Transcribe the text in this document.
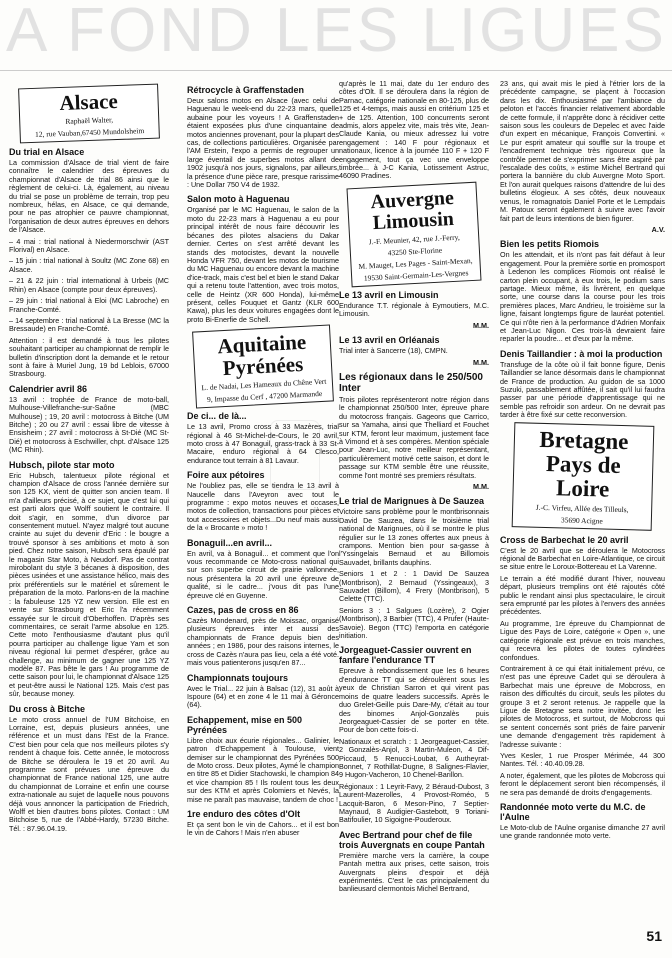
A FOND LES LIGUES
Alsace
Raphaël Walter,
12, rue Vauban,67450 Mundolsheim
Du trial en Alsace

La commission d'Alsace de trial vient de faire connaître le calendrier des épreuves du championnat d'Alsace de trial 86 ainsi que le règlement de celui-ci. Là, également, au niveau du trial se pose un problème de terrain, trop peu nombreux, hélas, en Alsace, ce qui demande, pour ne pas atrophier ce pauvre championnat, l'organisation de deux autres épreuves en dehors de l'Alsace.

– 4 mai : trial national à Niedermorschwir (AST Florival) en Alsace.

– 15 juin : trial national à Soultz (MC Zone 68) en Alsace.

– 21 & 22 juin : trial international à Urbeis (MC Rhin) en Alsace (compte pour deux épreuves).

– 29 juin : trial national à Eloi (MC Labroche) en Franche-Comté.

– 14 septembre : trial national à La Bresse (MC la Bressaude) en Franche-Comté.

Attention : il est demandé à tous les pilotes souhaitant participer au championnat de remplir le bulletin d'inscription dont la demande et le retour sont à faire à Muriel Jung, 19 bd Leblois, 67000 Strasbourg.

Calendrier avril 86

13 avril : trophée de France de moto-ball, Mulhouse-Villefranche-sur-Saône (MBC Mulhouse) ; 19, 20 avril : motocross à Bitche (UM Bitche) ; 20 ou 27 avril : essai libre de vitesse à Ensisheim ; 27 avril : motocross à St-Dié (MC St-Dié) et motocross à Eschwiller, chpt. d'Alsace 125 (MC Rhin).

Hubsch, pilote star moto

Eric Hubsch, talentueux pilote régional et champion d'Alsace de cross l'année dernière sur son 125 KX, vient de quitter son ancien team. Il m'a d'ailleurs précisé, à ce sujet, que c'est lui qui est parti alors que Wolff soutient le contraire. Il doit s'agir, en somme, d'un divorce par consentement mutuel. N'ayez malgré tout aucune crainte au sujet du devenir d'Eric : le bougre a trouvé sponsor à ses ambitions et moto à son pied. Chez notre saison, Hubsch sera épaulé par le magasin Star Moto, à Neudorf. Pas de contrat mirobolant du style 3 bécanes à disposition, des pièces usinées et une assistance hélico, mais des prix préférentiels sur le matériel et sûrement le préparation de la moto. Parlons-en de la machine : la fabuleuse 125 YZ new version. Elle est en vente sur Strasbourg et Eric l'a récemment essayée sur le circuit d'Oberhoffen. D'après ses commentaires, ce serait l'arme absolue en 125. Cette moto l'enthousiasme d'autant plus qu'il pourra participer au challenge ligue Yam et son niveau régional lui permet d'espérer, grâce au challenge, au minimum de gagner une 125 YZ modèle 87. Pas bête le gars ! Au programme de cette saison pour lui, le championnat d'Alsace 125 et peut-être aussi le National 125. Mais c'est pas sûr, because money.

Du cross à Bitche

Le moto cross annuel de l'UM Bitchoise, en Lorraine, est, depuis plusieurs années, une référence et un must dans l'Est de la France. C'est bien pour cela que nos meilleurs pilotes s'y rendent à chaque fois. Cette année, le motocross de Bitche se déroulera le 19 et 20 avril. Au programme sont prévues une épreuve du championnat de France national 125, une autre du championnat de Lorraine et enfin une course extra-nationale au sujet de laquelle nous pouvons déjà vous annoncer la participation de Friedrich, Wolff et bien d'autres bons pilotes. Contact : UM Bitchoise 5, rue de l'Abbé-Hardy, 57230 Bitche. Tél. : 87.96.04.19.

Rétrocycle à Graffenstaden

Deux salons motos en Alsace (avec celui de Haguenau le week-end du 22-23 mars, quelle aubaine pour les voyeurs ! A Graffenstaden étaient exposées plus d'une cinquantaine de motos anciennes provenant, pour la plupart des cas, de collections particulières. Organisée par l'AM Erstein, l'expo a permis de regrouper un large éventail de superbes motos allant de 1902 jusqu'à nos jours, signalons, par ailleurs, la présence d'une pièce rare, presque rarissime : Une Dollar 750 V4 de 1932.

Salon moto à Haguenau

Organisé par le MC Haguenau, le salon de la moto du 22-23 mars à Haguenau a eu pour principal intérêt de nous faire découvrir les bécanes des pilotes alsaciens du Dakar dernier. Certes on s'est arrêté devant les stands des motocistes, devant la nouvelle Honda VFR 750, devant les motos de tourisme du MC Haguenau ou encore devant la machine d'ice-track, mais c'est bel et bien le stand Dakar qui a retenu toute l'attention, avec trois motos, celle de Heintz (XR 600 Honda), lui-même présent, celles Fouquet et Gantz (KLR 600 Kawa), plus les deux voitures engagées dont le proto Bi-Enerfie de Schell.

Aquitaine Pyrénées
L. de Nadai, Les Hameaux du Chêne Vert
9, Impasse du Cerf , 47200 Marmande
De ci... de là...

Le 13 avril, Promo cross à 33 Mazères, trial régional à 46 St-Michel-de-Cours, le 20 avril, moto cross à 47 Bonaguil, grass-track à 33 St-Macaire, enduro régional à 64 Clesco, endurance tout terrain à 81 Lavaur.

Foire aux pétoires

Ne l'oubliez pas, elle se tiendra le 13 avril à Naucelle dans l'Aveyron avec tout le programme : expo motos neuves et occases, motos de collection, transactions pour pièces et tout accessoires et objets...Du neuf mais aussi de la « Brocante » moto !

Bonaguil...en avril...

En avril, va à Bonaguil... et comment que l'on vous recommande ce Moto-cross national qui sur son superbe circuit de prairie vallonnée, nous présentera la 20 avril une épreuve de qualité, si le cadre... j'vous dit pas l'une épreuve clé en Guyenne.

Cazes, pas de cross en 86

Cazès Mondenard, près de Moissac, organisé plusieurs épreuves inter et aussi des championnats de France depuis bien des années ; en 1986, pour des raisons internes, le cross de Cazès n'aura pas lieu, cela a été voté. mais vous patienterons jusqu'en 87...

Championnats toujours

Avec le Trial... 22 juin à Balsac (12), 31 août à Ispoure (64) et en zone 4 le 11 mai à Géronce (64).

Echappement, mise en 500 Pyrénées

Libre choix aux écurie régionales... Galinier, le patron d'Echappement à Toulouse, vient demiser sur le championnat des Pyrénées 500 de Moto cross. Deux pilotes, Aymé le champion en titre 85 et Didier Stachowski, le champion 84 et vice champion 85 ! Ils roulent tous les deux sur des KTM et après Colomiers et Nevés, la mise ne paraît pas mauvaise, tandem de choc !

1re enduro des côtes d'Olt

Et ça sent bon le vin de Cahors... et il est bon le vin de Cahors ! Mais n'en abuser

qu'après le 11 mai, date du 1er enduro des côtes d'Olt. Il se déroulera dans la région de Parnac, catégorie nationale en 80-125, plus de 125 et 4-temps, mais aussi en critérium 125 et + de 125. Attention, 100 concurrents seront admis, alors appelez vite, mais très vite, Jean-Claude Kania, ou mieux adressez lui votre engagement : 140 F pour régionaux et nationaux, licence à la journée 110 F + 120 F engagement, tout ça vec une enveloppe timbrée... à J-C Kania, Lotissement Astruc, 46090 Pradines.

Auvergne Limousin
J.-F. Meunier, 42, rue J.-Ferry,
43250 Ste-Florine
M. Mauget, Les Pages - Saint-Mexan,
19530 Saint-Germain-Les-Vergnes
Le 13 avril en Limousin

Endurance T.T. régionale à Eymoutiers, M.C. Limousin.

M.M.

Le 13 avril en Orléanais

Trial inter à Sancerre (18), CMPN.

M.M.

Les régionaux dans le 250/500 Inter

Trois pilotes représenteront notre région dans le championnat 250/500 Inter, épreuve phare du motocross français. Gageons que Carrico, sur sa Yamaha, ainsi que Thelliard et Fouchet sur KTM, feront leur maximum, justement face à Vimond et à ses compères. Mention spéciale pour Jean-Luc, notre meilleur représentant, particulièrement motivé cette saison, et dont le passage sur KTM semble être une réussite, comme l'ont montré ses premiers résultats.

M.M.

Le trial de Marignues à De Sauzea

Victoire sans problème pour le montbrisonnais David De Sauzea, dans le troisième trial national de Marignues, où il se montre le plus régulier sur le 13 zones offertes aux pneus à crampons. Mention bien pour sa-gasse à l'Yssingelais Bernaud et au Billomois Sauvadet, brillants dauphins.

Seniors 1 et 2 : 1 David De Sauzea (Montbrison), 2 Bernaud (Yssingeaux), 3 Sauvadet (Billom), 4 Frery (Montbrison), 5 Celette (TTC).

Seniors 3 : 1 Salgues (Lozère), 2 Ogier (Montbrison), 3 Barbier (TTC), 4 Prufer (Haute-Savoie). Begon (TTC) l'emporta en catégorie initiation.

Jorgeaguet-Cassier ouvrent en fanfare l'endurance TT

Epreuve à rebondissement que les 6 heures d'endurance TT qui se déroulèrent sous les yeux de Christian Sarron et qui virent pas moins de quatre leaders successifs. Après le duo Grelet-Geille puis Dare-My, c'était au tour des binomes Anjol-Gonzalès puis Jeorgeaguet-Cassier de se porter en tête. Pour de bon cette fois-ci.

Nationaux et scratch : 1 Jeorgeaguet-Cassier, 2 Gonzalès-Anjol, 3 Martin-Muleon, 4 Dif-Piccaud, 5 Renucci-Loubat, 6 Autheyrat-Bonnet, 7 Rothillat-Dugne, 8 Salignes-Flavier, 9 Hugon-Vacheron, 10 Chenel-Barillon.

Régionaux : 1 Leyrit-Favy, 2 Béraud-Dubost, 3 Laurent-Mazerolles, 4 Provost-Roméo, 5 Lacquit-Baron, 6 Meson-Pino, 7 Septier-Maynaud, 8 Audigier-Gastebott, 9 Toriani-Batifoulier, 10 Sigoigne-Pouderoux.

Avec Bertrand pour chef de file trois Auvergnats en coupe Pantah

Première marche vers la carrière, la coupe Pantah mettra aux prises, cette saison, trois Auvergnats pleins d'espoir et déjà expérimentés. C'est le cas principalement du banlieusard clermontois Michel Bertrand,

23 ans, qui avait mis le pied à l'étrier lors de la précédente campagne, se plaçent à l'occasion dans les dix. Enthousiasmé par l'ambiance du peloton et l'accès financier relativement abordable de cette formule, il n'apprête donc à récidiver cette saison sous les couleurs de Depelec et avec l'aide d'un expert en mécanique, François Convertini. « Le pur esprit amateur qui souffle sur la troupe et l'encadrement technique très rigoureux que la contrôle permet de s'exprimer sans être aspiré par l'escalade des coûts, » estime Michel Bertrand qui portera la bannière du club Auvergne Moto Sport. Et l'on aurait quelques raisons d'attendre de lui des bulletins élogieux. A ses côtés, deux nouveaux venus, le romagnatois Daniel Porte et le Lempdais M. Patoux seront également à suivre avec l'avoir fait part de leurs intentions de bien figurer.

A.V.

Bien les petits Riomois

On les attendait, et ils n'ont pas fait défaut à leur engagement. Pour la première sortie en promosport à Ledenon les complices Riomois ont réalisé le carton plein occupant, à eux trois, le podium sans partage. Mieux même, ils livrèrent, en quelque sorte, une course dans la course pour les trois premières places, Marc Andrieu, le troisième sur la ligne, faisant longtemps figure de lauréat potentiel. Ce qui n'ôte rien à la performance d'Adrien Monfaix et Jean-Luc Nigon. Ces trois-là devraient faire reparler la poudre... et d'eux par la même.

Denis Taillandier : à moi la production

Transfuge de la côte où il fait bonne figure, Denis Taillandier se lance désormais dans le championnat de France de production. Au guidon de sa 1000 Suzuki, passablement affûtée, il sait qu'il lui faudra passer par une période d'apprentissage qui ne semble pas refroidir son ardeur. On ne devrait pas tarder à être fixé sur cette reconversion.

Bretagne Pays de Loire
J.-C. Virfeu, Allée des Tilleuls,
35690 Acigne
Cross de Barbechat le 20 avril

C'est le 20 avril que se déroulera le Motocross régional de Barbechat en Loire-Atlantique, ce circuit se situe entre le Loroux-Bottereau et La Varenne.

Le terrain a été modifié durant l'hiver, nouveau départ, plusieurs tremplins ont été rajoutés côté public le rendant ainsi plus spectaculaire, le circuit sera emprunté par les pilotes à l'envers des années précédentes.

Au programme, 1re épreuve du Championnat de Ligue des Pays de Loire, catégorie « Open », une catégorie régionale est prévue en trois manches, qui recevra les pilotes de toutes cylindrées confondues.

Contrairement à ce qui était initialement prévu, ce n'est pas une épreuve Cadet qui se déroulera à Barbechat mais une épreuve de Mobcross, en raison des difficultés du circuit, seuls les pilotes du groupe 3 et 2 seront retenus. Je rappelle que la Ligue de Bretagne sera notre invitée, donc les pilotes de Motocross, et surtout, de Mobcross qui se sentent concernés sont priés de faire parvenir une demande d'engagement très rapidement à l'adresse suivante :

Yves Kesler, 1 rue Prosper Mérimée, 44 300 Nantes. Tél. : 40.40.09.28.

A noter, également, que les pilotes de Mobcross qui feront le déplacement seront bien récompensés, il ne sera pas demandé de droits d'engagements.

Randonnée moto verte du M.C. de l'Aulne

Le Moto-club de l'Aulne organise dimanche 27 avril une grande randonnée moto verte.

51
